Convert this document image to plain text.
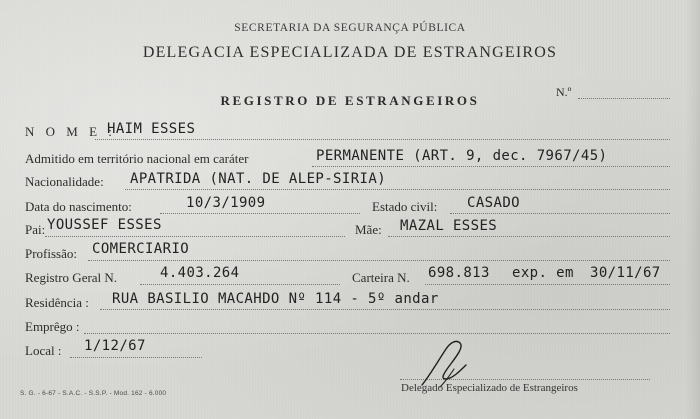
SECRETARIA DA SEGURANÇA PÚBLICA
DELEGACIA ESPECIALIZADA DE ESTRANGEIROS
REGISTRO DE ESTRANGEIROS
N.º
N O M E :
HAIM ESSES
Admitido em território nacional em caráter	PERMANENTE (ART. 9, dec. 7967/45)
Nacionalidade: APATRIDA (NAT. DE ALEP-SIRIA)
Data do nascimento:	10/3/1909	Estado civil: CASADO
Pai: YOUSSEF ESSES	Mãe: MAZAL ESSES
Profissão: COMERCIARIO
Registro Geral N.	4.403.264	Carteira N. 698.813 exp. em 30/11/67
Residência : RUA BASILIO MACAHDO Nº 114 - 5º andar
Emprêgo :
Local : 1/12/67
Delegado Especializado de Estrangeiros
S. G. - 6-67 - S.A.C. - S.S.P. - Mod. 162 - 6.000
